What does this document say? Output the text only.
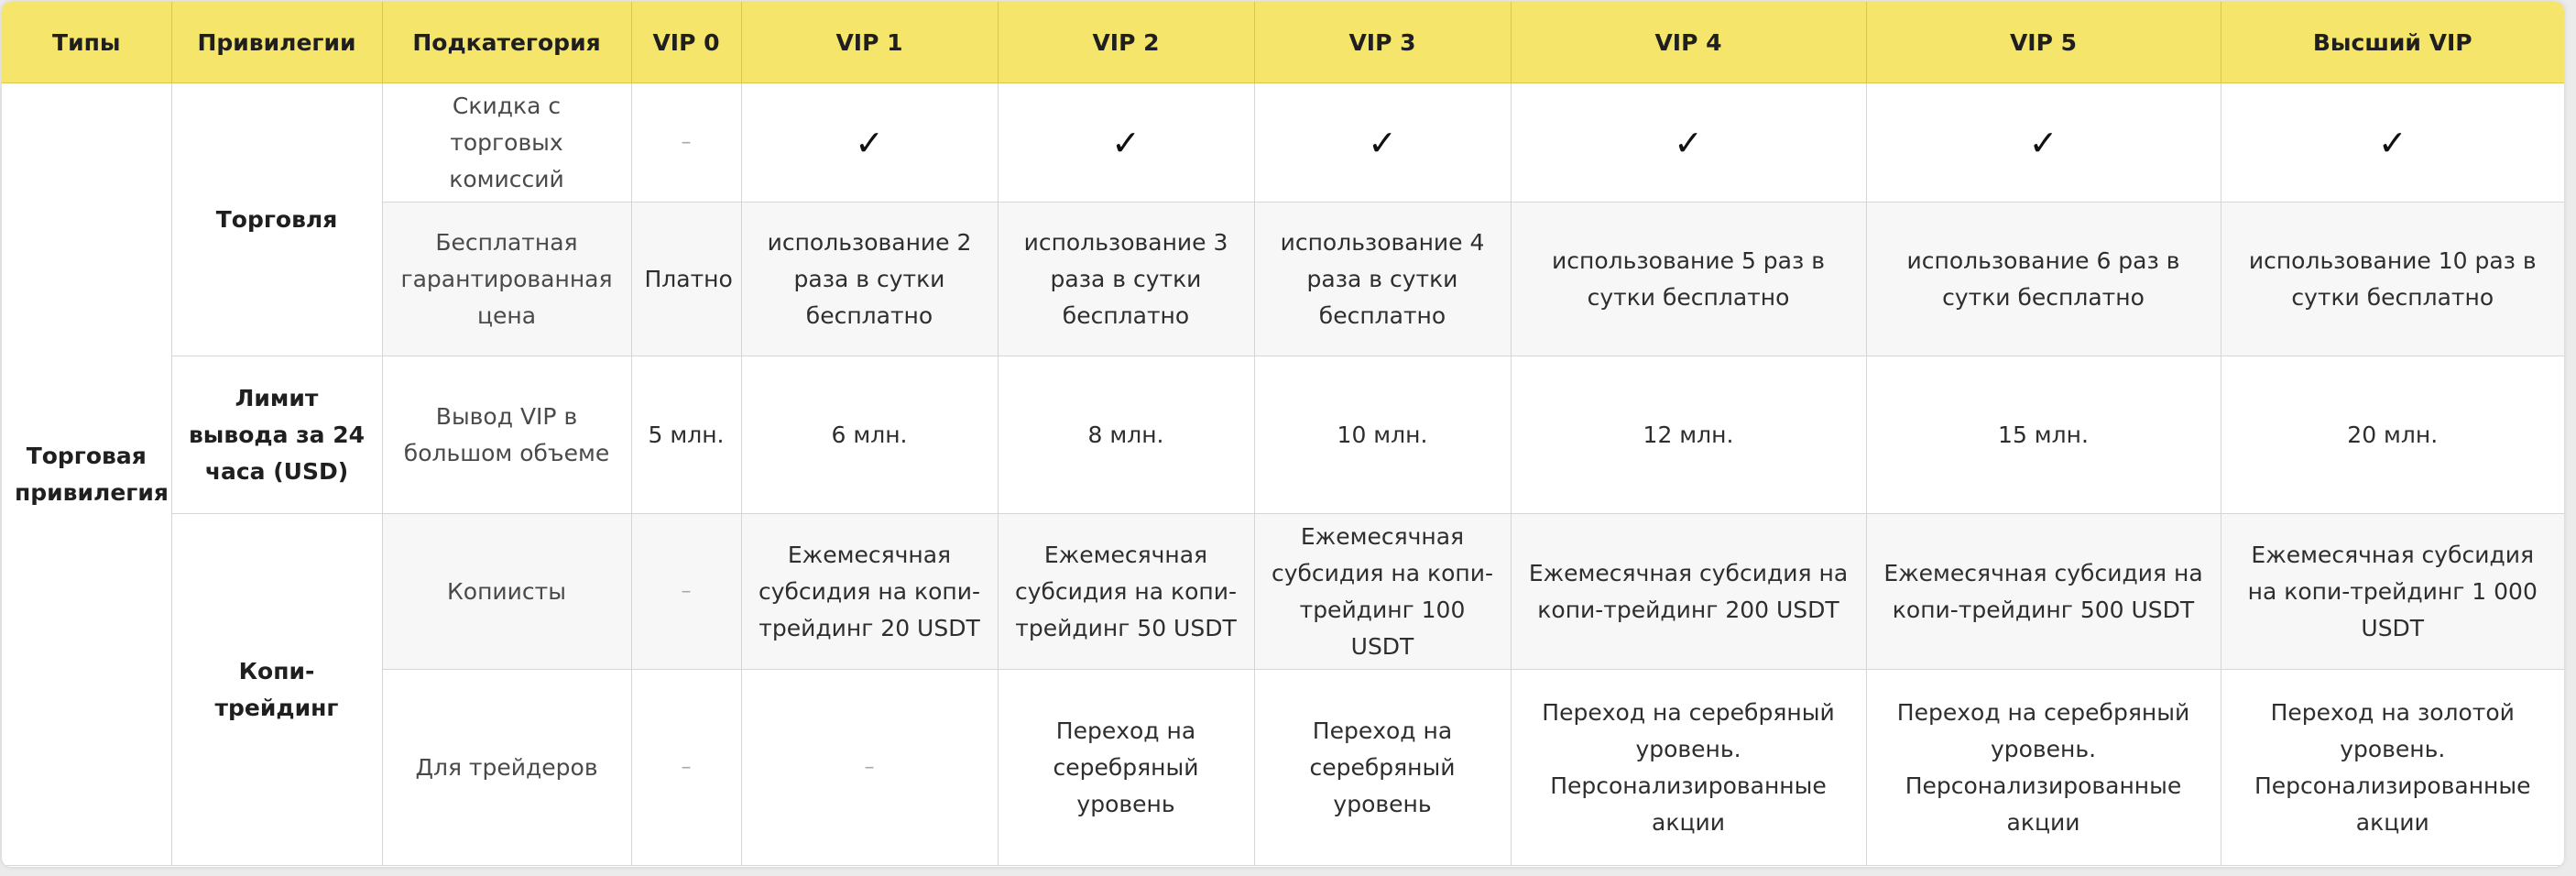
Типы	Привилегии	Подкатегория	VIP 0	VIP 1	VIP 2	VIP 3	VIP 4	VIP 5	Высший VIP
Торговая привилегия	Торговля	Скидка с торговых комиссий	–	✓	✓	✓	✓	✓	✓
		Бесплатная гарантированная цена	Платно	использование 2 раза в сутки бесплатно	использование 3 раза в сутки бесплатно	использование 4 раза в сутки бесплатно	использование 5 раз в сутки бесплатно	использование 6 раз в сутки бесплатно	использование 10 раз в сутки бесплатно
	Лимит вывода за 24 часа (USD)	Вывод VIP в большом объеме	5 млн.	6 млн.	8 млн.	10 млн.	12 млн.	15 млн.	20 млн.
	Копи-трейдинг	Копиисты	–	Ежемесячная субсидия на копи-трейдинг 20 USDT	Ежемесячная субсидия на копи-трейдинг 50 USDT	Ежемесячная субсидия на копи-трейдинг 100 USDT	Ежемесячная субсидия на копи-трейдинг 200 USDT	Ежемесячная субсидия на копи-трейдинг 500 USDT	Ежемесячная субсидия на копи-трейдинг 1 000 USDT
		Для трейдеров	–	–	Переход на серебряный уровень	Переход на серебряный уровень	Переход на серебряный уровень. Персонализированные акции	Переход на серебряный уровень. Персонализированные акции	Переход на золотой уровень. Персонализированные акции
